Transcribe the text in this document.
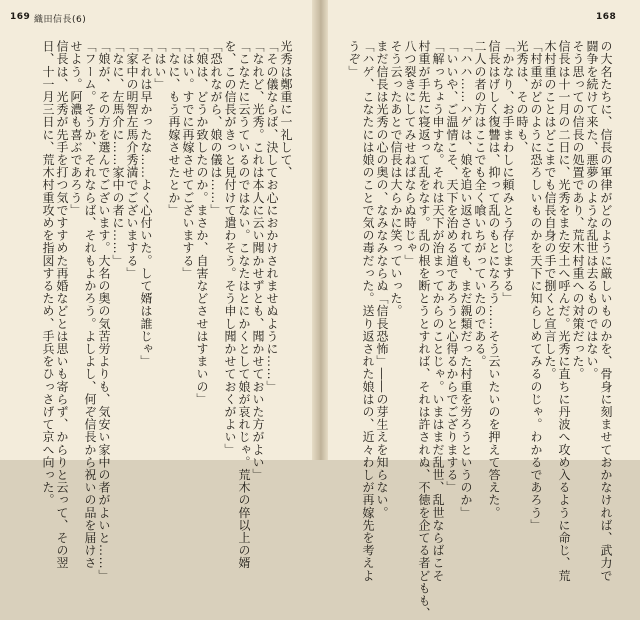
169 織田信長(6)	168
の大名たちに、信長の軍律がどのように厳しいものかを、骨身に刻ませておかなければ、武力で
闘争を続けて来た、悪夢のような乱世は去るものではない。
そう思っての信長の処置であり、荒木村重への対策だった。
信長は十一月の二日に、光秀をまた安土へ呼んだ。光秀に直ちに丹波へ攻め入るように命じ、荒
木村重のことはどこまでも信長自身の手で捌くと宣言した。
「村重がどのように恐ろしいものかを天下に知らしめてみるのじゃ。わかるであろう」
光秀は、その時も、
「かなり、お手まわしに頼みとう存じまする」
信長はげしく復讐は、抑って乱のもとになろう……そう云いたいのを押えて答えた。
二人の者の方はここでも全く喰いちがっていたのである。
「ハハ……ハゲは、娘を追い返されても、まだ親類だった村重を労ろうというのか」
「いいや、ご温情こそ、天下を治める道であろうと心得るからでござりまする」
「解っちょう申すな。それは天下が治まってからのことじゃ。いまはまだ乱世、乱世ならばこそ
村重が手先に寝返って乱をなす。乱の根を断とうとすれば、それは許されぬ、不徳を企てる者どもも、
八つ裂きにしてみせねばならぬ時じゃ」
そう云ったあとで信長は大らかに笑っていった。
まだ信長は光秀の心の奥の、なみなみならぬ「信長恐怖」――の芽生えを知らない。
「ハゲ、こなたには娘のことで気の毒だった。送り返された娘はの、近々わしが再嫁先を考えよ
うぞ」
光秀は鄭重に一礼して、
「その儀ならば、決してお心におかけされませぬように……」
「なれど、光秀。これは本人に云い聞かせずとも、聞かせておいた方がよい」
「こなたに云うているのではない。こなたはとにかくとして娘が哀れじゃ。荒木の倅以上の婿
を、この信長がきっと見付けて遣わそう。そう申し聞かせておくがよい」
「恐れながら、娘の儀は……」
「娘は、どうか致したのか。まさか、自害などさせはすまいの」
「はい。すでに再嫁させてございまする」
「なに、もう再嫁させたとか」
「はい」
「それは早かったな……よく心付いた。して婿は誰じゃ」
「家中の明智左馬介秀満でございまする」
「なに、左馬介に……家中の者に……」
「娘が、その方を選んでございます。大名の奥の気苦労よりも、気安い家中の者がよいと……」
「フーム。そうか、それならば、それもよかろう。よしよし、何ぞ信長から祝いの品を届けさ
せよう。阿濃も喜ぶであろう」
信長は、光秀が先手を打つ気ですすめた再婚などとは思いも寄らず、からりと云って、その翌
日、十一月三日に、荒木村重攻めを指図するため、手兵をひっさげて京へ向った。
